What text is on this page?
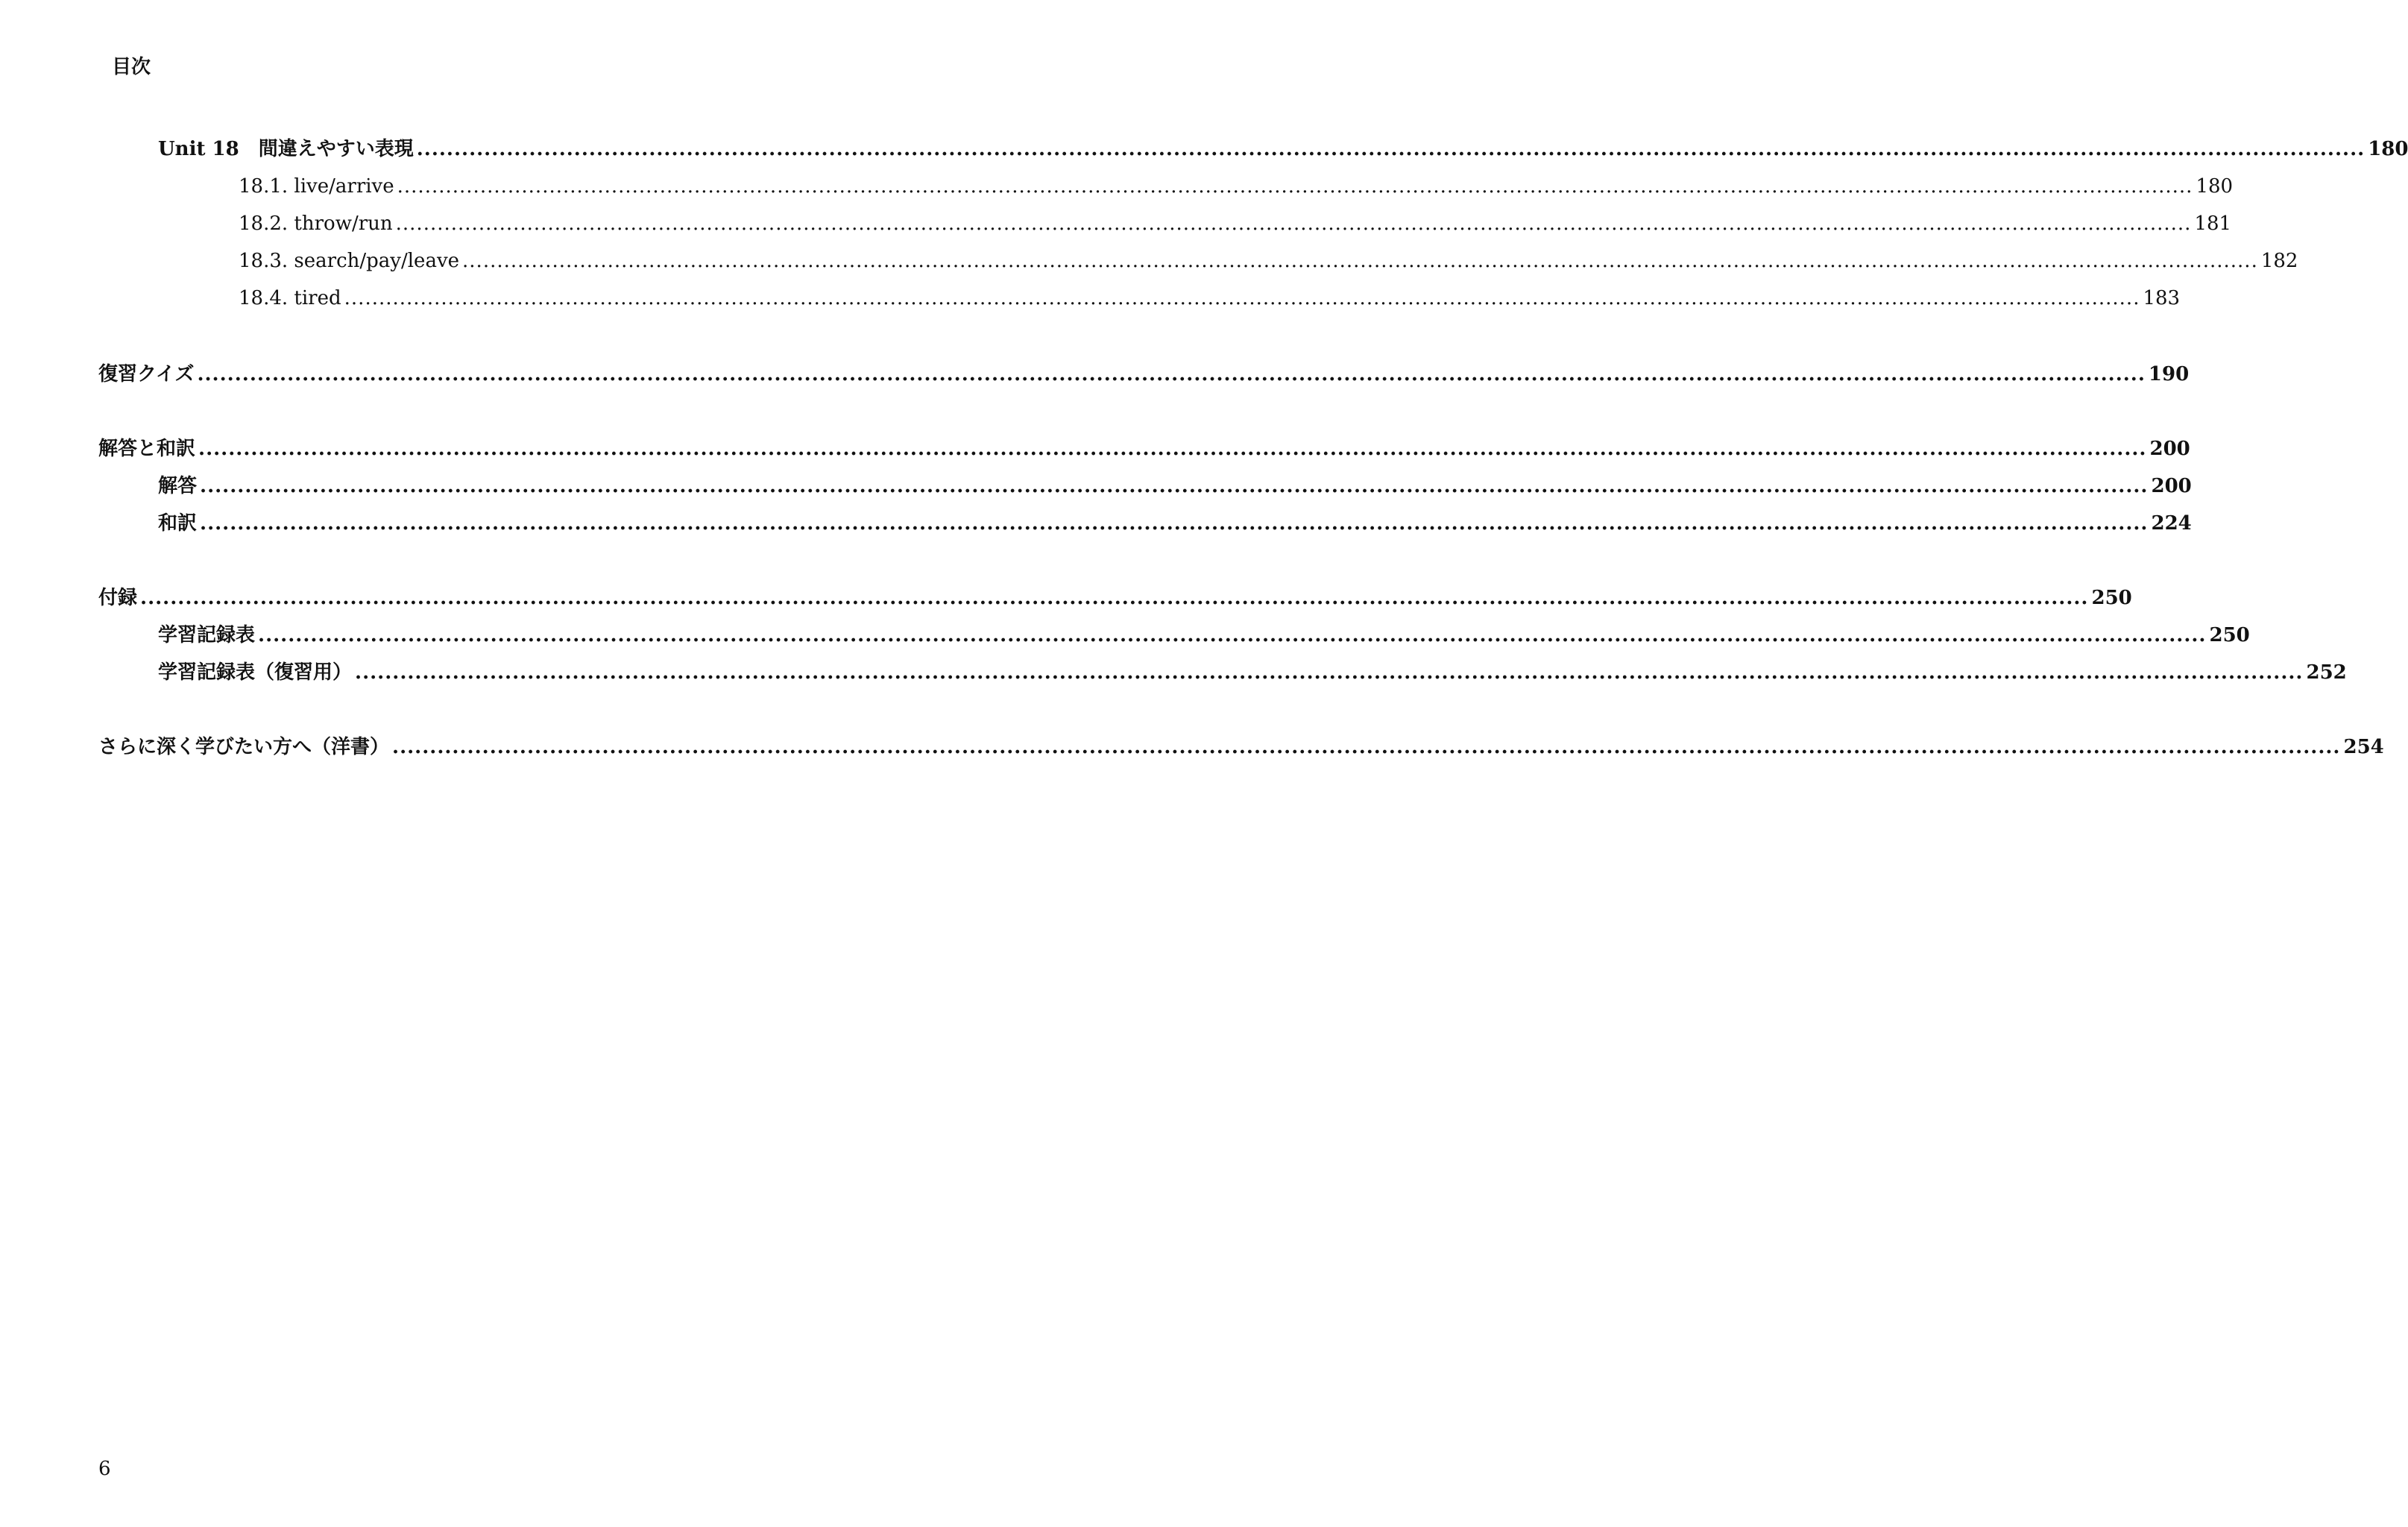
目次
Unit 18 間違えやすい表現 .................................................................................................................................................................................................................................................................... 180
18.1. live/arrive .................................................................................................................................................................................................................................................................... 180
18.2. throw/run .................................................................................................................................................................................................................................................................... 181
18.3. search/pay/leave .................................................................................................................................................................................................................................................................... 182
18.4. tired .................................................................................................................................................................................................................................................................... 183
復習クイズ .................................................................................................................................................................................................................................................................... 190
解答と和訳 .................................................................................................................................................................................................................................................................... 200
解答 .................................................................................................................................................................................................................................................................... 200
和訳 .................................................................................................................................................................................................................................................................... 224
付録 .................................................................................................................................................................................................................................................................... 250
学習記録表 .................................................................................................................................................................................................................................................................... 250
学習記録表（復習用） .................................................................................................................................................................................................................................................................... 252
さらに深く学びたい方へ（洋書） .................................................................................................................................................................................................................................................................... 254
6
